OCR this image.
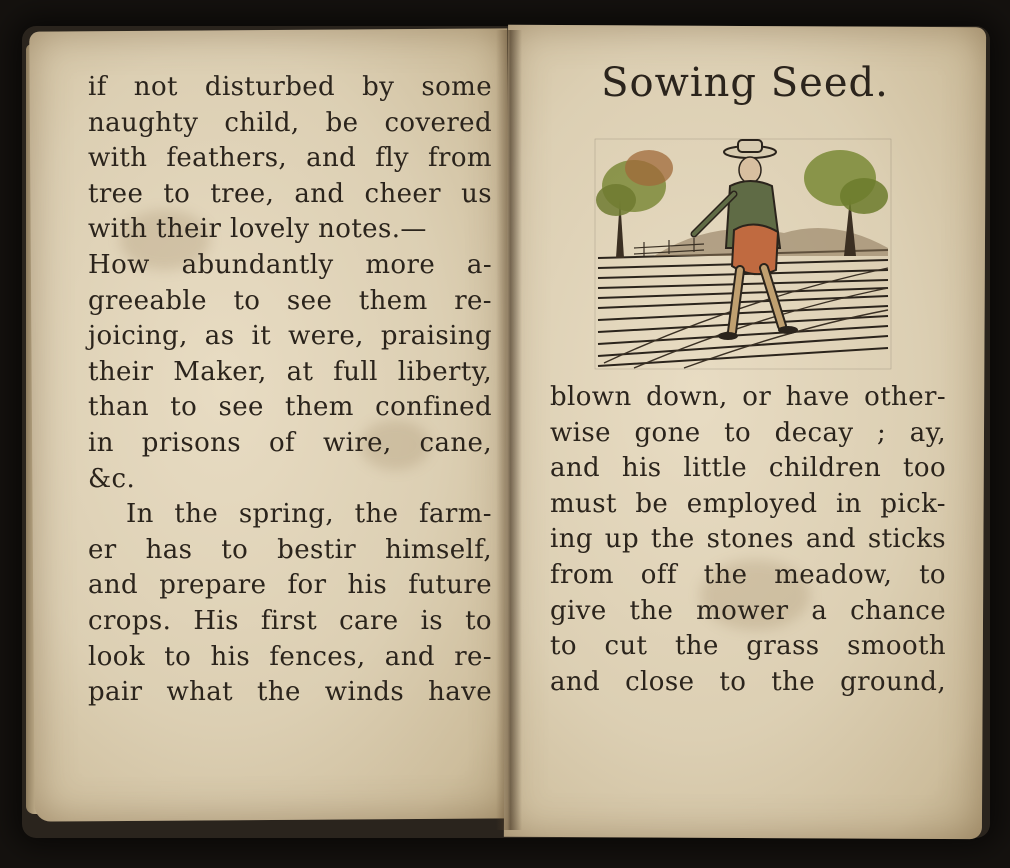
if not disturbed by some
naughty child, be covered
with feathers, and fly from
tree to tree, and cheer us
with their lovely notes.—
How abundantly more a-
greeable to see them re-
joicing, as it were, praising
their Maker, at full liberty,
than to see them confined
in prisons of wire, cane,
&c.
In the spring, the farm-
er has to bestir himself,
and prepare for his future
crops. His first care is to
look to his fences, and re-
pair what the winds have
Sowing Seed.
blown down, or have other-
wise gone to decay ; ay,
and his little children too
must be employed in pick-
ing up the stones and sticks
from off the meadow, to
give the mower a chance
to cut the grass smooth
and close to the ground,
